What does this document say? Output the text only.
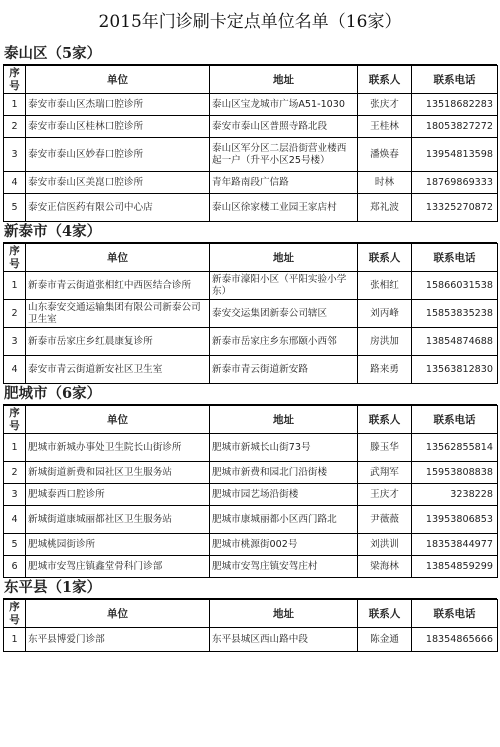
2015年门诊刷卡定点单位名单（16家）
泰山区（5家）
序号	单位	地址	联系人	联系电话
1	泰安市泰山区杰瑞口腔诊所	泰山区宝龙城市广场A51-1030	张庆才	13518682283
2	泰安市泰山区桂林口腔诊所	泰安市泰山区普照寺路北段	王桂林	18053827272
3	泰安市泰山区妙春口腔诊所	泰山区军分区二层沿街营业楼西起一户（升平小区25号楼）	潘焕春	13954813598
4	泰安市泰山区美崑口腔诊所	青年路南段广信路	时林	18769869333
5	泰安正信医药有限公司中心店	泰山区徐家楼工业园王家店村	郑礼波	13325270872
新泰市（4家）
序号	单位	地址	联系人	联系电话
1	新泰市青云街道张相红中西医结合诊所	新泰市濠阳小区（平阳实验小学东）	张相红	15866031538
2	山东泰安交通运输集团有限公司新泰公司卫生室	泰安交运集团新泰公司辖区	刘丙峰	15853835238
3	新泰市岳家庄乡红晨康复诊所	新泰市岳家庄乡东邢颐小西邻	房洪加	13854874688
4	泰安市青云街道新安社区卫生室	新泰市青云街道新安路	路来勇	13563812830
肥城市（6家）
序号	单位	地址	联系人	联系电话
1	肥城市新城办事处卫生院长山街诊所	肥城市新城长山街73号	滕玉华	13562855814
2	新城街道新费和园社区卫生服务站	肥城市新费和园北门沿街楼	武翔军	15953808838
3	肥城泰西口腔诊所	肥城市园艺场沿街楼	王庆才	3238228
4	新城街道康城丽都社区卫生服务站	肥城市康城丽都小区西门路北	尹薇薇	13953806853
5	肥城桃园街诊所	肥城市桃源街002号	刘洪训	18353844977
6	肥城市安驾庄镇鑫堂骨科门诊部	肥城市安驾庄镇安驾庄村	梁海林	13854859299
东平县（1家）
序号	单位	地址	联系人	联系电话
1	东平县博爱门诊部	东平县城区西山路中段	陈金通	18354865666
